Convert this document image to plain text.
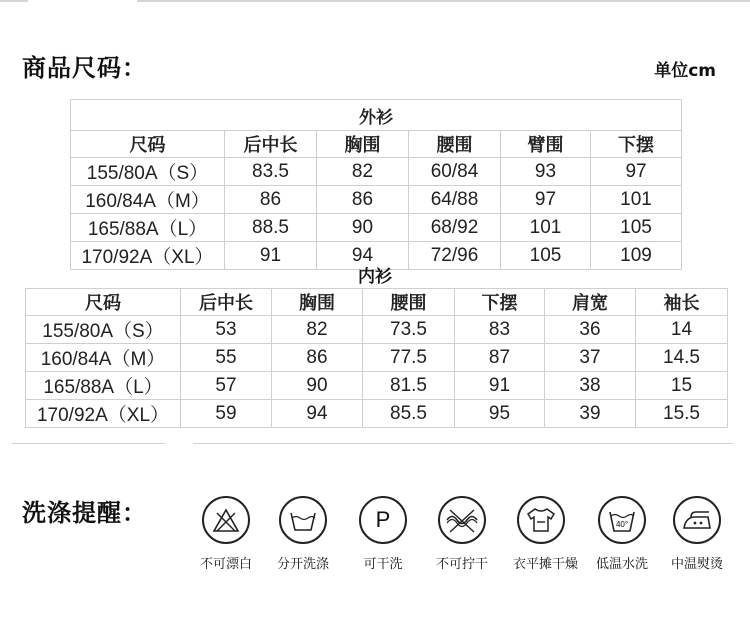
商品尺码：	单位cm
外衫					
尺码	后中长	胸围	腰围	臂围	下摆
155/80A（S）	83.5	82	60/84	93	97
160/84A（M）	86	86	64/88	97	101
165/88A（L）	88.5	90	68/92	101	105
170/92A（XL）	91	94	72/96	105	109
内衫
尺码	后中长	胸围	腰围	下摆	肩宽	袖长
155/80A（S）	53	82	73.5	83	36	14
160/84A（M）	55	86	77.5	87	37	14.5
165/88A（L）	57	90	81.5	91	38	15
170/92A（XL）	59	94	85.5	95	39	15.5
洗涤提醒：
不可漂白 分开洗涤
P
可干洗	不可拧干 衣平摊干燥
40°
低温水洗 中温熨烫
